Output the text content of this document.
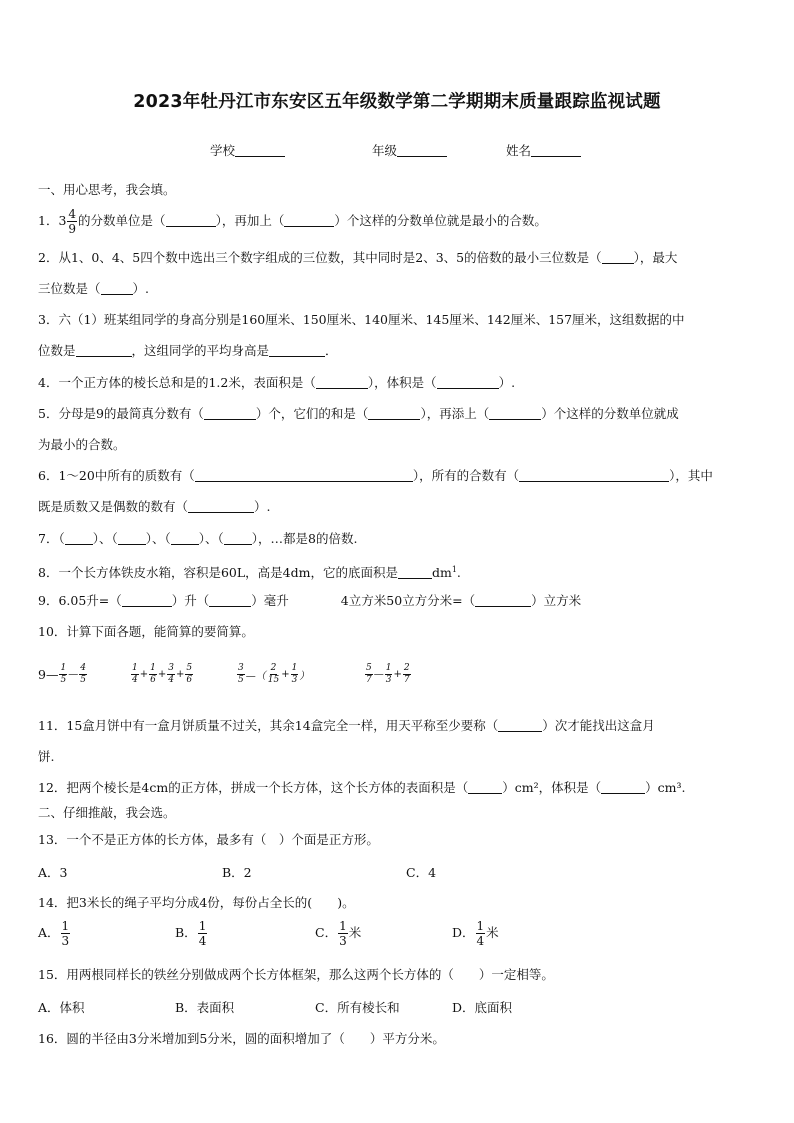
2023年牡丹江市东安区五年级数学第二学期期末质量跟踪监视试题
学校	年级	姓名
一、用心思考，我会填。
1．$3 \frac{4}{9}$ 的分数单位是（	），再加上（	）个这样的分数单位就是最小的合数。
2．从1、0、4、5四个数中选出三个数字组成的三位数，其中同时是2、3、5的倍数的最小三位数是（	），最大
三位数是（	）.
3．六（1）班某组同学的身高分别是160厘米、150厘米、140厘米、145厘米、142厘米、157厘米，这组数据的中
位数是	，这组同学的平均身高是	．
4．一个正方体的棱长总和是的1.2米，表面积是（	），体积是（	）.
5．分母是9的最简真分数有（	）个，它们的和是（	），再添上（	）个这样的分数单位就成
为最小的合数。
6．1～20中所有的质数有（	），所有的合数有（	），其中
既是质数又是偶数的数有（	）.
7．（ ）、（ ）、（ ）、（ ），…都是8的倍数.
8．一个长方体铁皮水箱，容积是60L，高是4dm，它的底面积是	$dm^1$.
9．6.05升=（	）升（	）毫升	4立方米50立方分米=（	）立方米
10．计算下面各题，能简算的要简算。
9— 1
5 —
4
5
1
$4 + \frac{1}{6} + \frac{3}{4} + \frac{5}{6}$	3
5 —（
2
$15 + \frac{1}{3}$ ）
5
7 —
1
$3 + \frac{2}{7}$
11．15盒月饼中有一盒月饼质量不过关，其余14盒完全一样，用天平称至少要称（	）次才能找出这盒月
饼.
12．把两个棱长是4cm的正方体，拼成一个长方体，这个长方体的表面积是（	）cm²，体积是（	）cm³.
二、仔细推敲，我会选。
13．一个不是正方体的长方体，最多有（　）个面是正方形。
A．3	B．2	C．4
14．把3米长的绳子平均分成4份，每份占全长的(　　)。
A． $\frac{1}{3}$	B． $\frac{1}{4}$	C． $\frac{1}{3}$ 米	D． $\frac{1}{4}$ 米
15．用两根同样长的铁丝分别做成两个长方体框架，那么这两个长方体的（　　）一定相等。
A．体积	B．表面积	C．所有棱长和	D．底面积
16．圆的半径由3分米增加到5分米，圆的面积增加了（　　）平方分米。
